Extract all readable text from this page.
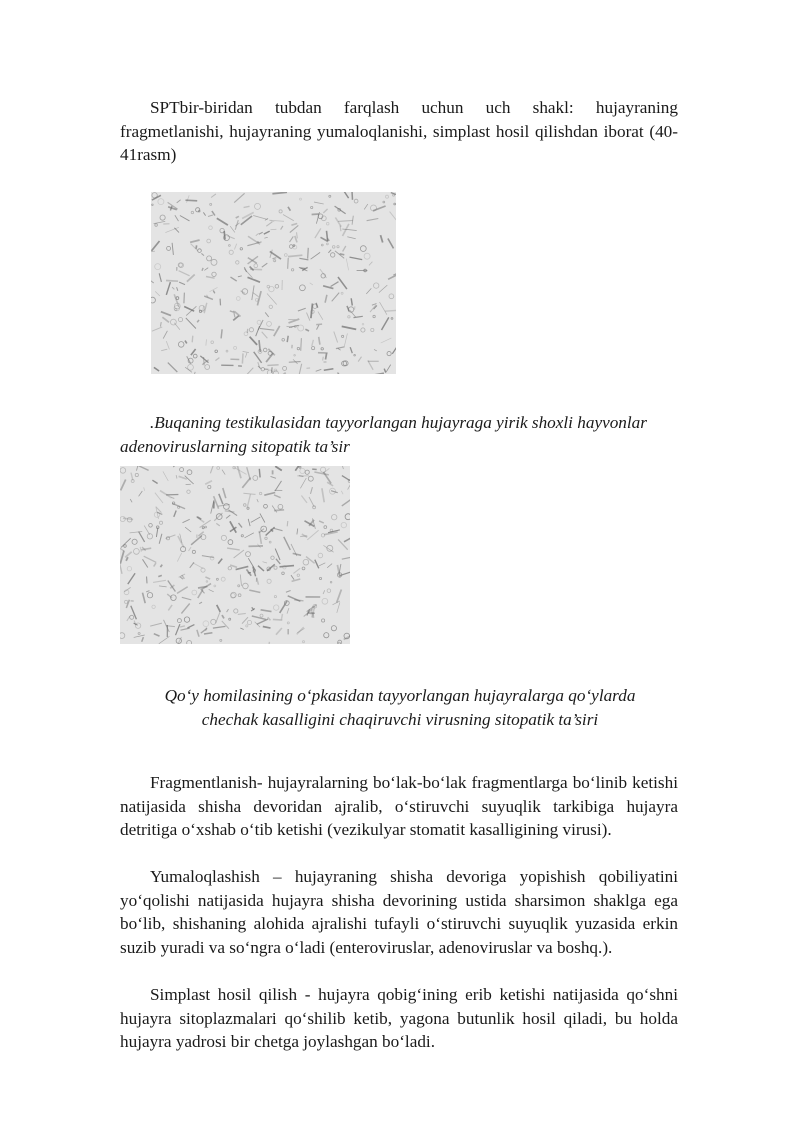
SPTbir-biridan tubdan farqlash uchun uch shakl: hujayraning fragmetlanishi, hujayraning yumaloqlanishi, simplast hosil qilishdan iborat (40-41rasm)

.Buqaning testikulasidan tayyorlangan hujayraga yirik shoxli hayvonlar adenoviruslarning sitopatik ta’sir

Qo‘y homilasining o‘pkasidan tayyorlangan hujayralarga qo‘ylarda

chechak kasalligini chaqiruvchi virusning sitopatik ta’siri

Fragmentlanish- hujayralarning bo‘lak-bo‘lak fragmentlarga bo‘linib ketishi natijasida shisha devoridan ajralib, o‘stiruvchi suyuqlik tarkibiga hujayra detritiga o‘xshab o‘tib ketishi (vezikulyar stomatit kasalligining virusi).

Yumaloqlashish – hujayraning shisha devoriga yopishish qobiliyatini yo‘qolishi natijasida hujayra shisha devorining ustida sharsimon shaklga ega bo‘lib, shishaning alohida ajralishi tufayli o‘stiruvchi suyuqlik yuzasida erkin suzib yuradi va so‘ngra o‘ladi (enteroviruslar, adenoviruslar va boshq.).

Simplast hosil qilish - hujayra qobig‘ining erib ketishi natijasida qo‘shni hujayra sitoplazmalari qo‘shilib ketib, yagona butunlik hosil qiladi, bu holda hujayra yadrosi bir chetga joylashgan bo‘ladi.
